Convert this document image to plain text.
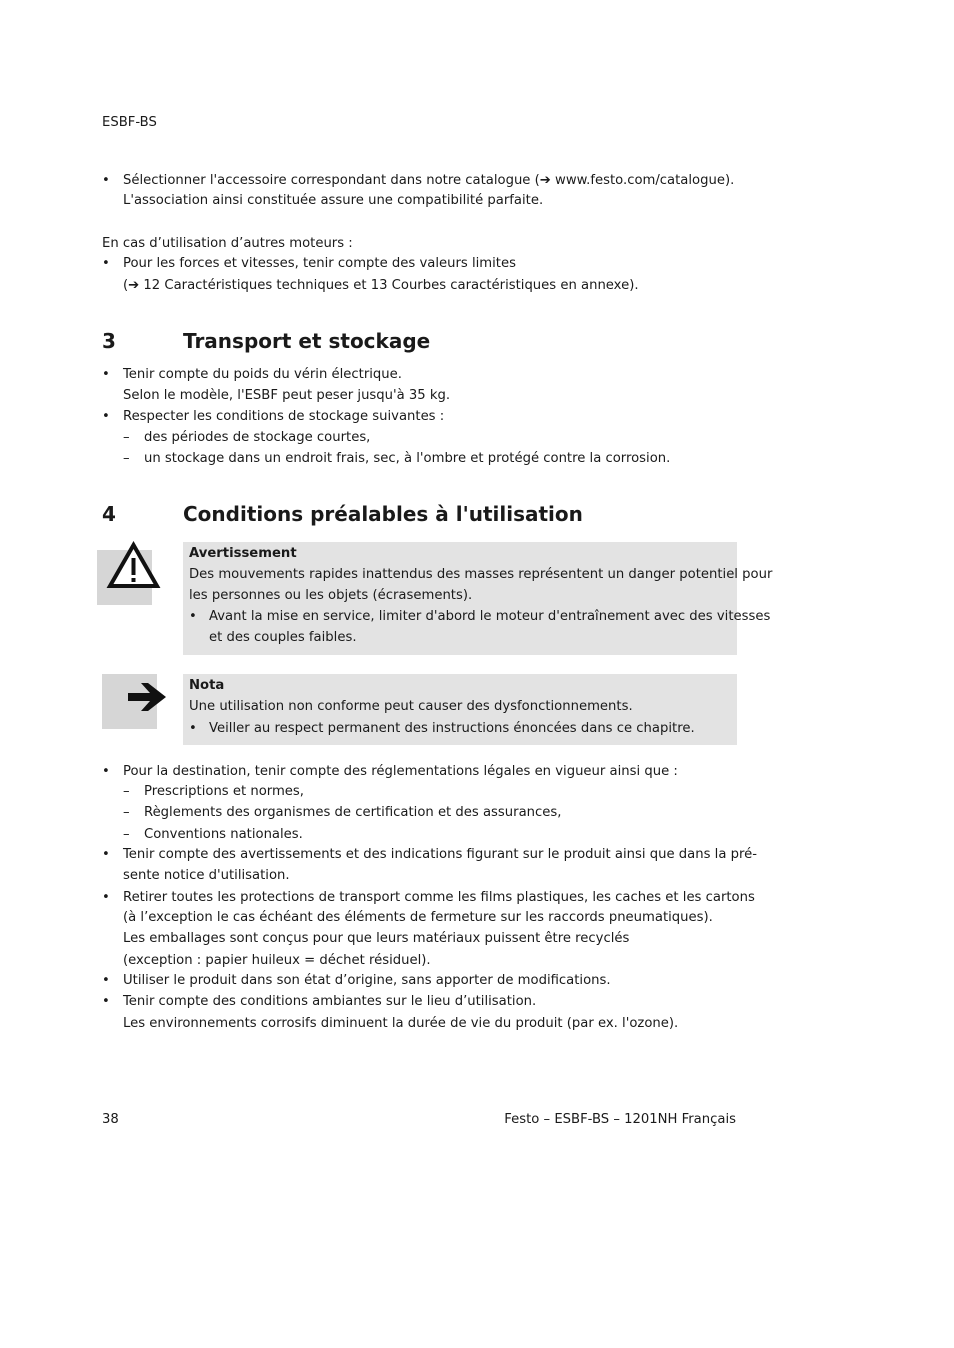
ESBF-BS
•	Sélectionner l'accessoire correspondant dans notre catalogue (➔ www.festo.com/catalogue).
L'association ainsi constituée assure une compatibilité parfaite.
En cas d’utilisation d’autres moteurs :
•	Pour les forces et vitesses, tenir compte des valeurs limites
(➔ 12 Caractéristiques techniques et 13 Courbes caractéristiques en annexe).
3	Transport et stockage
•	Tenir compte du poids du vérin électrique.
Selon le modèle, l'ESBF peut peser jusqu'à 35 kg.
•	Respecter les conditions de stockage suivantes :
–	des périodes de stockage courtes,
–	un stockage dans un endroit frais, sec, à l'ombre et protégé contre la corrosion.
4	Conditions préalables à l'utilisation
Avertissement
Des mouvements rapides inattendus des masses représentent un danger potentiel pour
les personnes ou les objets (écrasements).
• Avant la mise en service, limiter d'abord le moteur d'entraînement avec des vitesses
et des couples faibles.
Nota
Une utilisation non conforme peut causer des dysfonctionnements.
• Veiller au respect permanent des instructions énoncées dans ce chapitre.
•	Pour la destination, tenir compte des réglementations légales en vigueur ainsi que :
–	Prescriptions et normes,
–	Règlements des organismes de certification et des assurances,
–	Conventions nationales.
•	Tenir compte des avertissements et des indications figurant sur le produit ainsi que dans la pré-
sente notice d'utilisation.
•	Retirer toutes les protections de transport comme les films plastiques, les caches et les cartons
(à l’exception le cas échéant des éléments de fermeture sur les raccords pneumatiques).
Les emballages sont conçus pour que leurs matériaux puissent être recyclés
(exception : papier huileux = déchet résiduel).
•	Utiliser le produit dans son état d’origine, sans apporter de modifications.
•	Tenir compte des conditions ambiantes sur le lieu d’utilisation.
Les environnements corrosifs diminuent la durée de vie du produit (par ex. l'ozone).
38	Festo – ESBF-BS – 1201NH Français
